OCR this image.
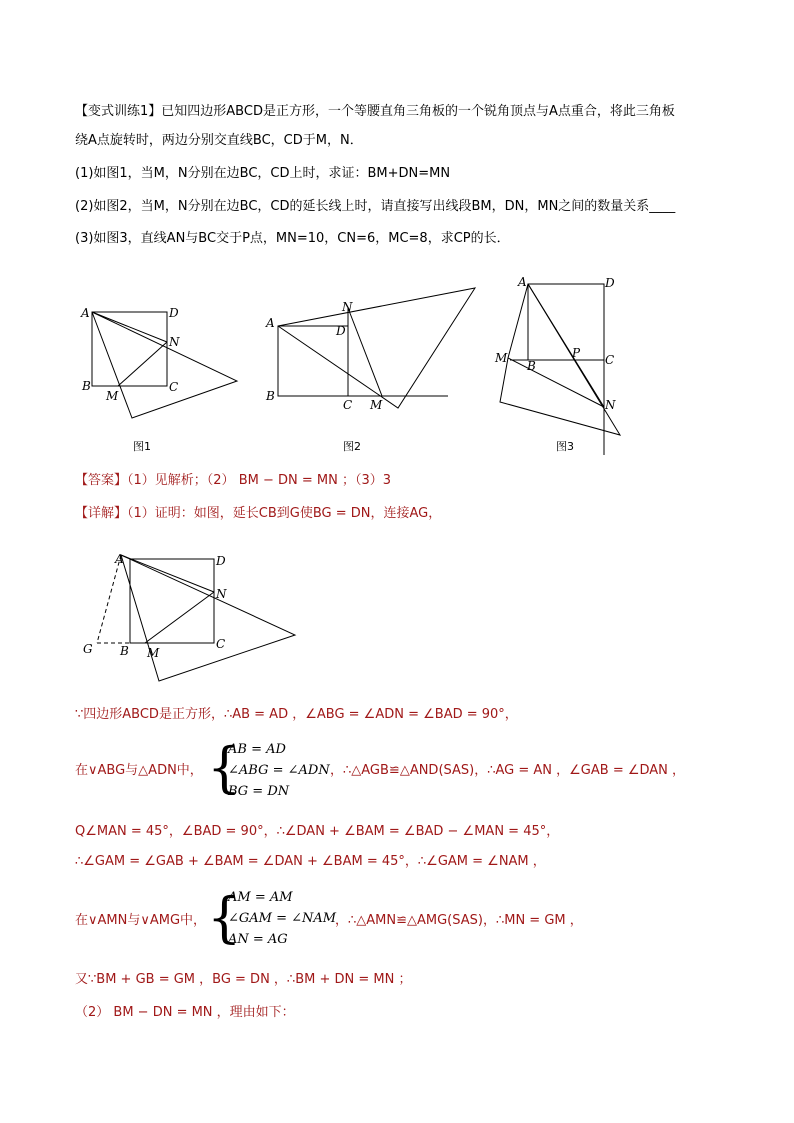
【变式训练1】已知四边形ABCD是正方形，一个等腰直角三角板的一个锐角顶点与A点重合，将此三角板
绕A点旋转时，两边分别交直线BC，CD于M，N．
(1)如图1，当M，N分别在边BC，CD上时，求证：BM+DN=MN
(2)如图2，当M，N分别在边BC，CD的延长线上时，请直接写出线段BM，DN，MN之间的数量关系____
(3)如图3，直线AN与BC交于P点，MN=10，CN=6，MC=8，求CP的长．
A	D
N
B	C
M
A
D
N
B
C M
A	D
M
B
P C
N
图1	图2	图3
【答案】（1）见解析；（2） BM − DN = MN ；（3）3
【详解】（1）证明：如图，延长CB到G使BG = DN，连接AG，
A	D
N
G B	C
M
∵四边形ABCD是正方形，∴AB = AD ，∠ABG = ∠ADN = ∠BAD = 90°，
在∨ABG与△ADN中， {
AB = AD
∠ABG = ∠ADN
BG = DN
，∴△AGB≌△AND(SAS)，∴AG = AN ，∠GAB = ∠DAN ，
Q∠MAN = 45°，∠BAD = 90°，∴∠DAN + ∠BAM = ∠BAD − ∠MAN = 45°，
∴∠GAM = ∠GAB + ∠BAM = ∠DAN + ∠BAM = 45°，∴∠GAM = ∠NAM ，
在∨AMN与∨AMG中， {
AM = AM
∠GAM = ∠NAM
AN = AG
，∴△AMN≌△AMG(SAS)，∴MN = GM ，
又∵BM + GB = GM ，BG = DN ，∴BM + DN = MN ；
（2） BM − DN = MN ，理由如下：
